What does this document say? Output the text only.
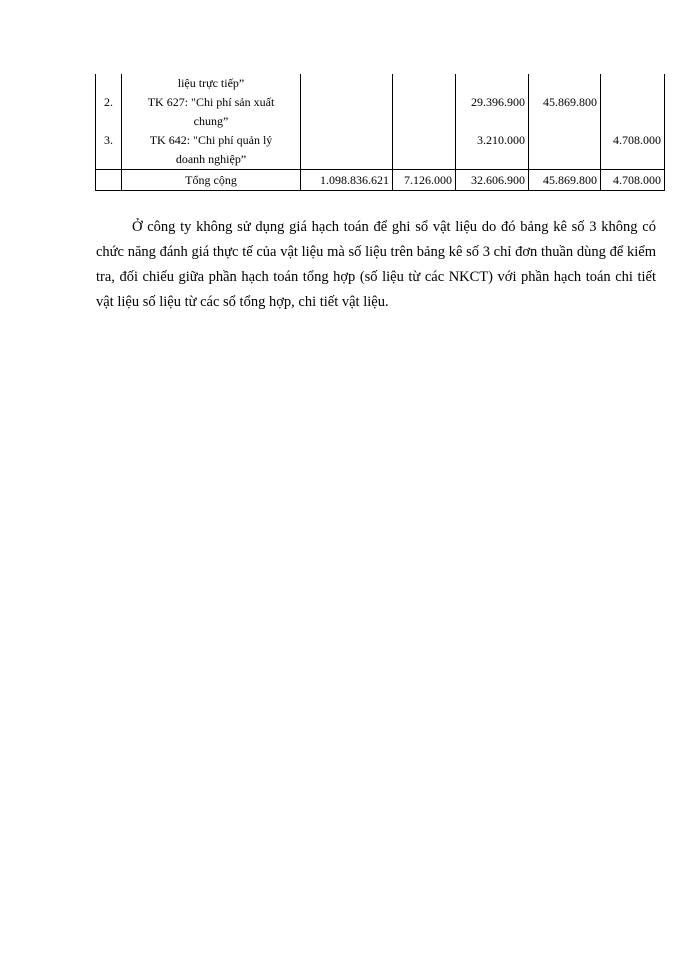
	liệu trực tiếp”					

2.	TK 627: "Chi phí sản xuất
chung”			29.396.900	45.869.800	
3.	TK 642: "Chi phí quản lý
doanh nghiệp”			3.210.000		4.708.000
	Tổng cộng	1.098.836.621	7.126.000	32.606.900	45.869.800	4.708.000

Ở công ty không sử dụng giá hạch toán để ghi sổ vật liệu do đó bảng kê số 3 không có chức năng đánh giá thực tế của vật liệu mà số liệu trên bảng kê số 3 chỉ đơn thuần dùng để kiểm tra, đối chiếu giữa phần hạch toán tổng hợp (số liệu từ các NKCT) với phần hạch toán chi tiết vật liệu số liệu từ các sổ tổng hợp, chi tiết vật liệu.
